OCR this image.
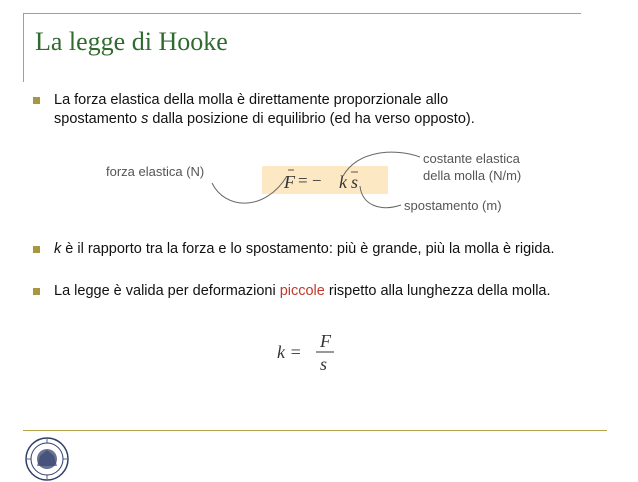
La legge di Hooke
La forza elastica della molla è direttamente proporzionale allo
spostamento s dalla posizione di equilibrio (ed ha verso opposto).
forza elastica (N)
costante elastica
della molla (N/m)
spostamento (m)
F = − k s
k è il rapporto tra la forza e lo spostamento: più è grande, più la molla è rigida.
La legge è valida per deformazioni piccole rispetto alla lunghezza della molla.
k =
F
s
